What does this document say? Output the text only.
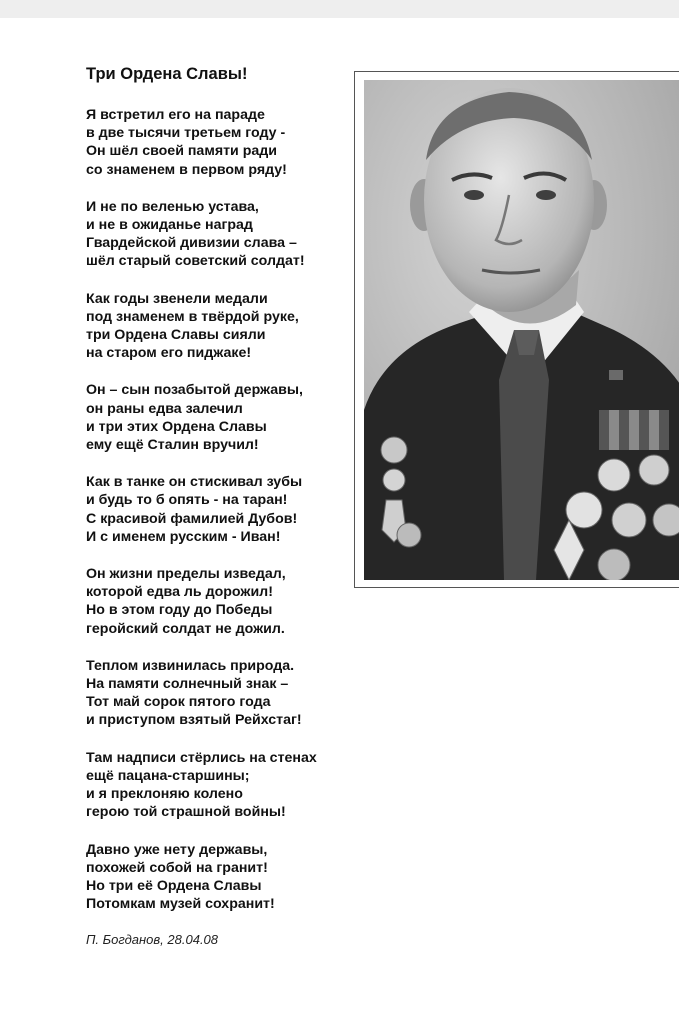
Три Ордена Славы!
Я встретил его на параде
в две тысячи третьем году -
Он шёл своей памяти ради
со знаменем в первом ряду!
И не по веленью устава,
и не в ожиданье наград
Гвардейской дивизии слава –
шёл старый советский солдат!
Как годы звенели медали
под знаменем в твёрдой руке,
три Ордена Славы сияли
на старом его пиджаке!
Он – сын позабытой державы,
он раны едва залечил
и три этих Ордена Славы
ему ещё Сталин вручил!
Как в танке он стискивал зубы
и будь то б опять - на таран!
С красивой фамилией Дубов!
И с именем русским - Иван!
Он жизни пределы изведал,
которой едва ль дорожил!
Но в этом году до Победы
геройский солдат не дожил.
Теплом извинилась природа.
На памяти солнечный знак –
Тот май сорок пятого года
и приступом взятый Рейхстаг!
Там надписи стёрлись на стенах
ещё пацана-старшины;
и я преклоняю колено
герою той страшной войны!
Давно уже нету державы,
похожей собой на гранит!
Но три её Ордена Славы
Потомкам музей сохранит!
П. Богданов, 28.04.08
